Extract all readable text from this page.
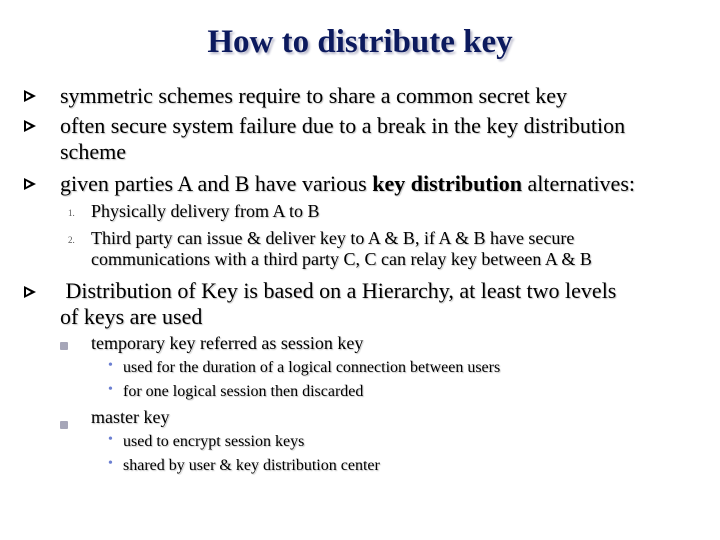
How to distribute key
symmetric schemes require to share a common secret key
often secure system failure due to a break in the key distribution
scheme
given parties A and B have various key distribution alternatives:
1. Physically delivery from A to B
2. Third party can issue & deliver key to A & B, if A & B have secure
communications with a third party C, C can relay key between A & B
Distribution of Key is based on a Hierarchy, at least two levels
of keys are used
temporary key referred as session key
• used for the duration of a logical connection between users
• for one logical session then discarded
master key
• used to encrypt session keys
• shared by user & key distribution center
